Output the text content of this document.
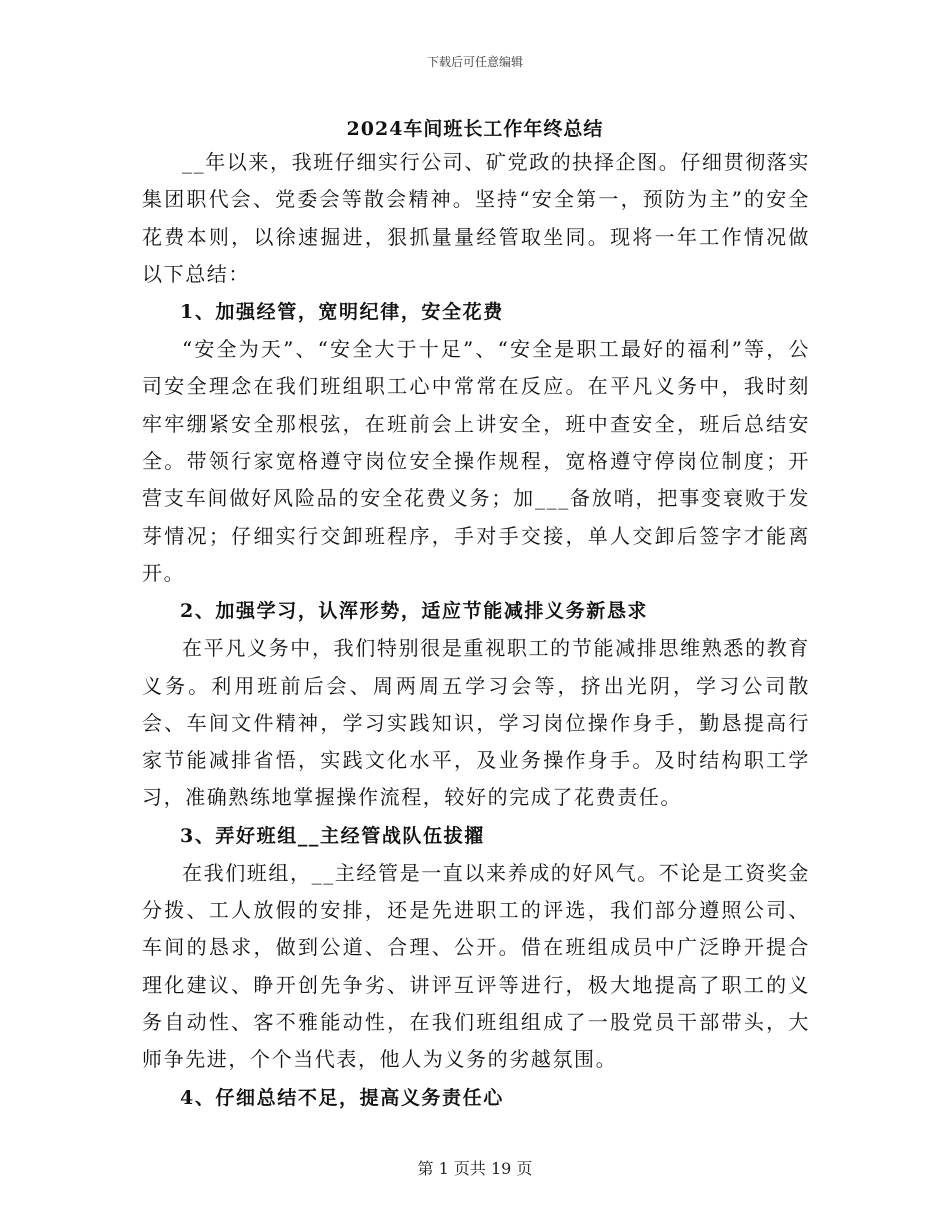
下载后可任意编辑
2024车间班长工作年终总结

__年以来，我班仔细实行公司、矿党政的抉择企图。仔细贯彻落实集团职代会、党委会等散会精神。坚持“安全第一，预防为主”的安全花费本则，以徐速掘进，狠抓量量经管取坐同。现将一年工作情况做以下总结：

1、加强经管，宽明纪律，安全花费

“安全为天”、“安全大于十足”、“安全是职工最好的福利”等，公司安全理念在我们班组职工心中常常在反应。在平凡义务中，我时刻牢牢绷紧安全那根弦，在班前会上讲安全，班中查安全，班后总结安全。带领行家宽格遵守岗位安全操作规程，宽格遵守停岗位制度；开营支车间做好风险品的安全花费义务；加___备放哨，把事变衰败于发芽情况；仔细实行交卸班程序，手对手交接，单人交卸后签字才能离开。

2、加强学习，认浑形势，适应节能减排义务新恳求

在平凡义务中，我们特别很是重视职工的节能减排思维熟悉的教育义务。利用班前后会、周两周五学习会等，挤出光阴，学习公司散会、车间文件精神，学习实践知识，学习岗位操作身手，勤恳提高行家节能减排省悟，实践文化水平，及业务操作身手。及时结构职工学习，准确熟练地掌握操作流程，较好的完成了花费责任。

3、弄好班组__主经管战队伍拔擢

在我们班组，__主经管是一直以来养成的好风气。不论是工资奖金分拨、工人放假的安排，还是先进职工的评选，我们部分遵照公司、车间的恳求，做到公道、合理、公开。借在班组成员中广泛睁开提合理化建议、睁开创先争劣、讲评互评等进行，极大地提高了职工的义务自动性、客不雅能动性，在我们班组组成了一股党员干部带头，大师争先进，个个当代表，他人为义务的劣越氛围。

4、仔细总结不足，提高义务责任心
第 1 页共 19 页
